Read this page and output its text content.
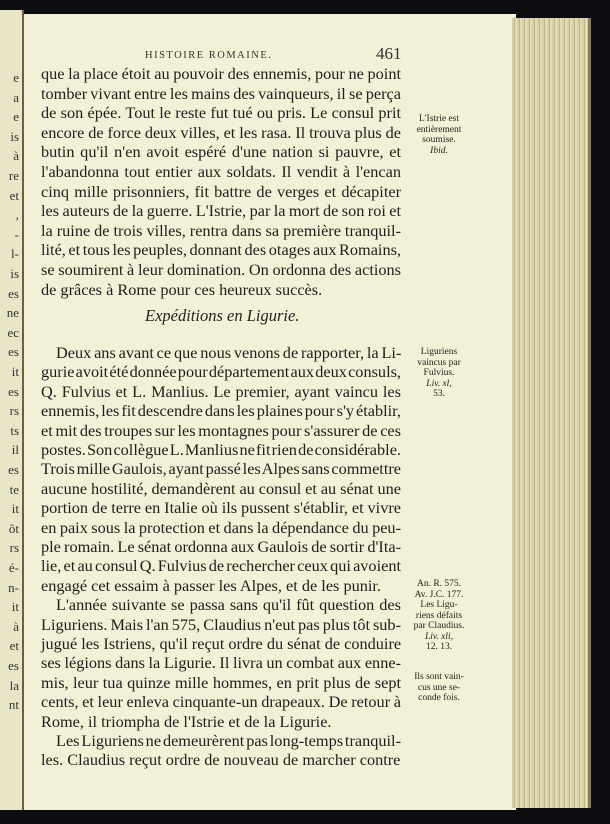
e
a
e
is
à
re
et
,
-
l-
is
es
ne
ec
es
it
es
rs
ts
il
es
te
it
ôt
rs
é-
n-
it
à
et
es
la
nt
HISTOIRE ROMAINE.	461
Expéditions en Ligurie.
que la place étoit au pouvoir des ennemis, pour ne point
tomber vivant entre les mains des vainqueurs, il se perça
de son épée. Tout le reste fut tué ou pris. Le consul prit
encore de force deux villes, et les rasa. Il trouva plus de
butin qu'il n'en avoit espéré d'une nation si pauvre, et
l'abandonna tout entier aux soldats. Il vendit à l'encan
cinq mille prisonniers, fit battre de verges et décapiter
les auteurs de la guerre. L'Istrie, par la mort de son roi et
la ruine de trois villes, rentra dans sa première tranquil-
lité, et tous les peuples, donnant des otages aux Romains,
se soumirent à leur domination. On ordonna des actions
de grâces à Rome pour ces heureux succès.
Deux ans avant ce que nous venons de rapporter, la Li-
gurie avoit été donnée pour département aux deux consuls,
Q. Fulvius et L. Manlius. Le premier, ayant vaincu les
ennemis, les fit descendre dans les plaines pour s'y établir,
et mit des troupes sur les montagnes pour s'assurer de ces
postes. Son collègue L. Manlius ne fit rien de considérable.
Trois mille Gaulois, ayant passé les Alpes sans commettre
aucune hostilité, demandèrent au consul et au sénat une
portion de terre en Italie où ils pussent s'établir, et vivre
en paix sous la protection et dans la dépendance du peu-
ple romain. Le sénat ordonna aux Gaulois de sortir d'Ita-
lie, et au consul Q. Fulvius de rechercher ceux qui avoient
engagé cet essaim à passer les Alpes, et de les punir.
L'année suivante se passa sans qu'il fût question des
Liguriens. Mais l'an 575, Claudius n'eut pas plus tôt sub-
jugué les Istriens, qu'il reçut ordre du sénat de conduire
ses légions dans la Ligurie. Il livra un combat aux enne-
mis, leur tua quinze mille hommes, en prit plus de sept
cents, et leur enleva cinquante-un drapeaux. De retour à
Rome, il triompha de l'Istrie et de la Ligurie.
Les Liguriens ne demeurèrent pas long-temps tranquil-
les. Claudius reçut ordre de nouveau de marcher contre
L'Istrie est
entièrement
soumise.
Ibid.
Liguriens
vaincus par
Fulvius.
Liv. xl,
53.
An. R. 575.
Av. J.C. 177.
Les Ligu-
riens défaits
par Claudius.
Liv. xli,
12. 13.
Ils sont vain-
cus une se-
conde fois.
